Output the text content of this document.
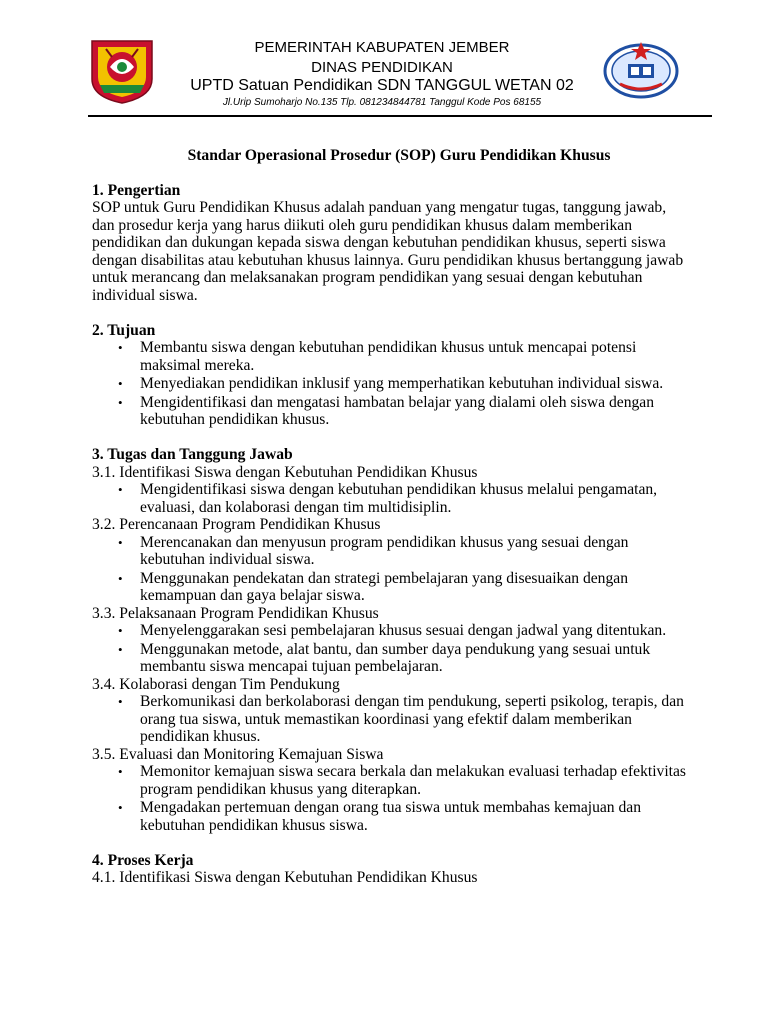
PEMERINTAH KABUPATEN JEMBER
DINAS PENDIDIKAN
UPTD Satuan Pendidikan SDN TANGGUL WETAN 02
Jl.Urip Sumoharjo No.135 Tlp. 081234844781 Tanggul Kode Pos 68155

Standar Operasional Prosedur (SOP) Guru Pendidikan Khusus

1. Pengertian

SOP untuk Guru Pendidikan Khusus adalah panduan yang mengatur tugas, tanggung jawab, dan prosedur kerja yang harus diikuti oleh guru pendidikan khusus dalam memberikan pendidikan dan dukungan kepada siswa dengan kebutuhan pendidikan khusus, seperti siswa dengan disabilitas atau kebutuhan khusus lainnya. Guru pendidikan khusus bertanggung jawab untuk merancang dan melaksanakan program pendidikan yang sesuai dengan kebutuhan individual siswa.

2. Tujuan

• Membantu siswa dengan kebutuhan pendidikan khusus untuk mencapai potensi maksimal mereka.
• Menyediakan pendidikan inklusif yang memperhatikan kebutuhan individual siswa.
• Mengidentifikasi dan mengatasi hambatan belajar yang dialami oleh siswa dengan kebutuhan pendidikan khusus.

3. Tugas dan Tanggung Jawab

3.1. Identifikasi Siswa dengan Kebutuhan Pendidikan Khusus

• Mengidentifikasi siswa dengan kebutuhan pendidikan khusus melalui pengamatan, evaluasi, dan kolaborasi dengan tim multidisiplin.

3.2. Perencanaan Program Pendidikan Khusus

• Merencanakan dan menyusun program pendidikan khusus yang sesuai dengan kebutuhan individual siswa.
• Menggunakan pendekatan dan strategi pembelajaran yang disesuaikan dengan kemampuan dan gaya belajar siswa.

3.3. Pelaksanaan Program Pendidikan Khusus

• Menyelenggarakan sesi pembelajaran khusus sesuai dengan jadwal yang ditentukan.
• Menggunakan metode, alat bantu, dan sumber daya pendukung yang sesuai untuk membantu siswa mencapai tujuan pembelajaran.

3.4. Kolaborasi dengan Tim Pendukung

• Berkomunikasi dan berkolaborasi dengan tim pendukung, seperti psikolog, terapis, dan orang tua siswa, untuk memastikan koordinasi yang efektif dalam memberikan pendidikan khusus.

3.5. Evaluasi dan Monitoring Kemajuan Siswa

• Memonitor kemajuan siswa secara berkala dan melakukan evaluasi terhadap efektivitas program pendidikan khusus yang diterapkan.
• Mengadakan pertemuan dengan orang tua siswa untuk membahas kemajuan dan kebutuhan pendidikan khusus siswa.

4. Proses Kerja

4.1. Identifikasi Siswa dengan Kebutuhan Pendidikan Khusus
